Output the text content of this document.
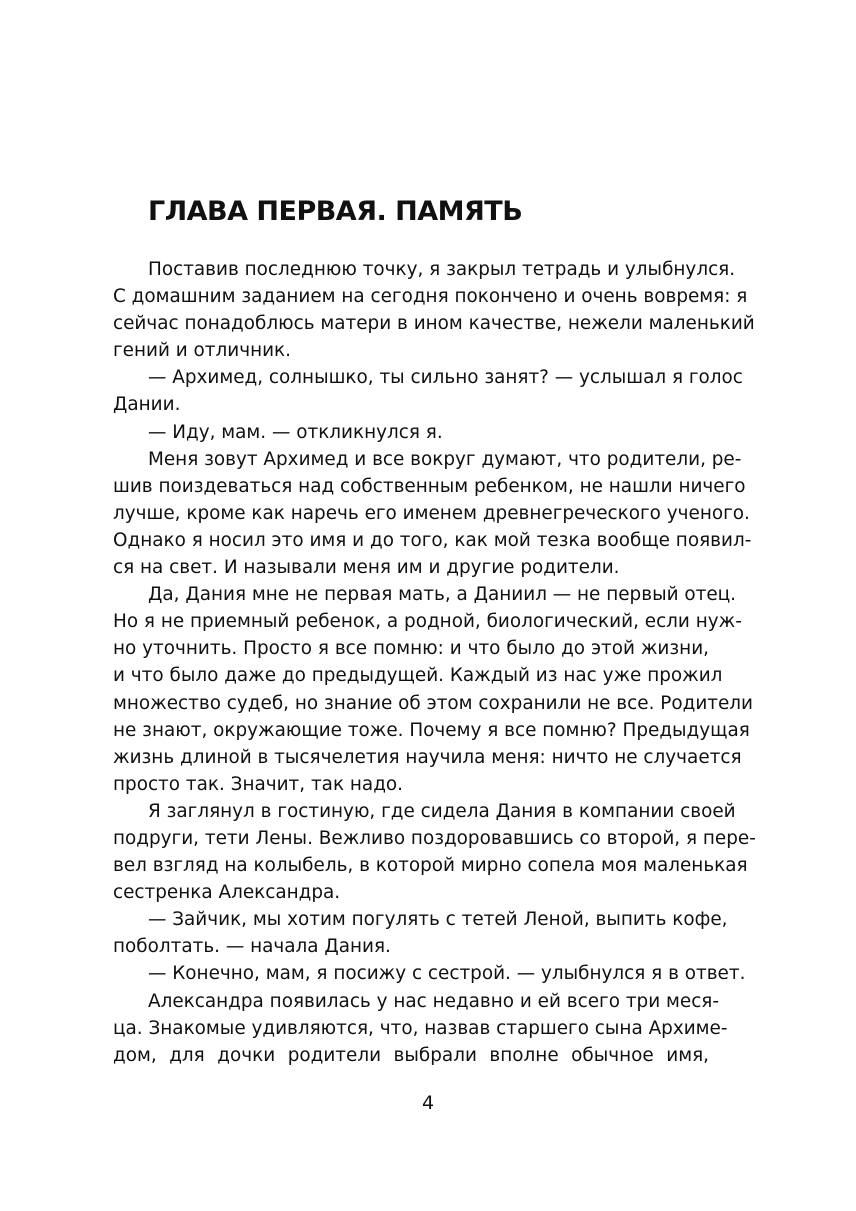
ГЛАВА ПЕРВАЯ. ПАМЯТЬ
Поставив последнюю точку, я закрыл тетрадь и улыбнулся.
С домашним заданием на сегодня покончено и очень вовремя: я
сейчас понадоблюсь матери в ином качестве, нежели маленький
гений и отличник.
— Архимед, солнышко, ты сильно занят? — услышал я голос
Дании.
— Иду, мам. — откликнулся я.
Меня зовут Архимед и все вокруг думают, что родители, ре-
шив поиздеваться над собственным ребенком, не нашли ничего
лучше, кроме как наречь его именем древнегреческого ученого.
Однако я носил это имя и до того, как мой тезка вообще появил-
ся на свет. И называли меня им и другие родители.
Да, Дания мне не первая мать, а Даниил — не первый отец.
Но я не приемный ребенок, а родной, биологический, если нуж-
но уточнить. Просто я все помню: и что было до этой жизни,
и что было даже до предыдущей. Каждый из нас уже прожил
множество судеб, но знание об этом сохранили не все. Родители
не знают, окружающие тоже. Почему я все помню? Предыдущая
жизнь длиной в тысячелетия научила меня: ничто не случается
просто так. Значит, так надо.
Я заглянул в гостиную, где сидела Дания в компании своей
подруги, тети Лены. Вежливо поздоровавшись со второй, я пере-
вел взгляд на колыбель, в которой мирно сопела моя маленькая
сестренка Александра.
— Зайчик, мы хотим погулять с тетей Леной, выпить кофе,
поболтать. — начала Дания.
— Конечно, мам, я посижу с сестрой. — улыбнулся я в ответ.
Александра появилась у нас недавно и ей всего три меся-
ца. Знакомые удивляются, что, назвав старшего сына Архиме-
дом, для дочки родители выбрали вполне обычное имя,
4
